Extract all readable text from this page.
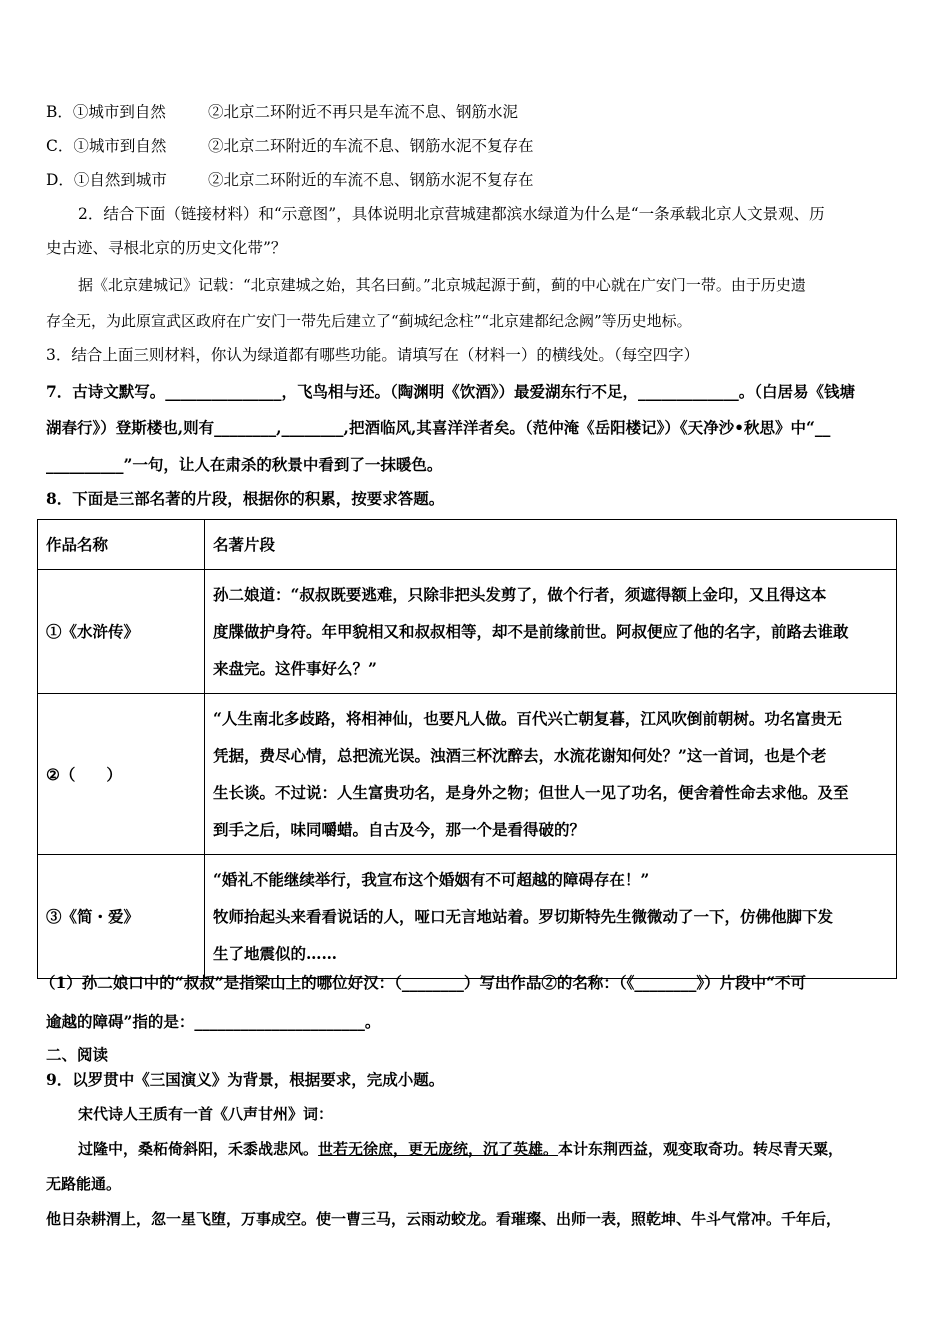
B．①城市到自然	②北京二环附近不再只是车流不息、钢筋水泥
C．①城市到自然	②北京二环附近的车流不息、钢筋水泥不复存在
D．①自然到城市	②北京二环附近的车流不息、钢筋水泥不复存在
2．结合下面（链接材料）和“示意图”，具体说明北京营城建都滨水绿道为什么是“一条承载北京人文景观、历
史古迹、寻根北京的历史文化带”？
据《北京建城记》记载：“北京建城之始，其名曰蓟。”北京城起源于蓟，蓟的中心就在广安门一带。由于历史遗
存全无，为此原宣武区政府在广安门一带先后建立了“蓟城纪念柱”“北京建都纪念阙”等历史地标。
3．结合上面三则材料，你认为绿道都有哪些功能。请填写在（材料一）的横线处。（每空四字）
7．古诗文默写。_______________，飞鸟相与还。（陶渊明《饮酒》）最爱湖东行不足，_____________。（白居易《钱塘
湖春行》）登斯楼也,则有________,________,把酒临风,其喜洋洋者矣。（范仲淹《岳阳楼记》）《天净沙•秋思》中“__
__________”一句，让人在肃杀的秋景中看到了一抹暖色。
8．下面是三部名著的片段，根据你的积累，按要求答题。
作品名称	名著片段
①《水浒传》	孙二娘道：“叔叔既要逃难，只除非把头发剪了，做个行者，须遮得额上金印，又且得这本
度牒做护身符。年甲貌相又和叔叔相等，却不是前缘前世。阿叔便应了他的名字，前路去谁敢
来盘完。这件事好么？”

②（　　）	“人生南北多歧路，将相神仙，也要凡人做。百代兴亡朝复暮，江风吹倒前朝树。功名富贵无
凭据，费尽心情，总把流光误。浊酒三杯沈醉去，水流花谢知何处？”这一首词，也是个老
生长谈。不过说：人生富贵功名，是身外之物；但世人一见了功名，便舍着性命去求他。及至
到手之后，味同嚼蜡。自古及今，那一个是看得破的？

③《简・爱》	“婚礼不能继续举行，我宣布这个婚姻有不可超越的障碍存在！”
牧师抬起头来看看说话的人，哑口无言地站着。罗切斯特先生微微动了一下，仿佛他脚下发
生了地震似的……
（1）孙二娘口中的“叔叔”是指梁山上的哪位好汉：（________）写出作品②的名称：（《________》）片段中“不可
逾越的障碍”指的是：______________________。
二、阅读
9．以罗贯中《三国演义》为背景，根据要求，完成小题。
宋代诗人王质有一首《八声甘州》词：
过隆中，桑柘倚斜阳，禾黍战悲风。世若无徐庶，更无庞统，沉了英雄。本计东荆西益，观变取奇功。转尽青天粟，
无路能通。
他日杂耕渭上，忽一星飞堕，万事成空。使一曹三马，云雨动蛟龙。看璀璨、出师一表，照乾坤、牛斗气常冲。千年后，
